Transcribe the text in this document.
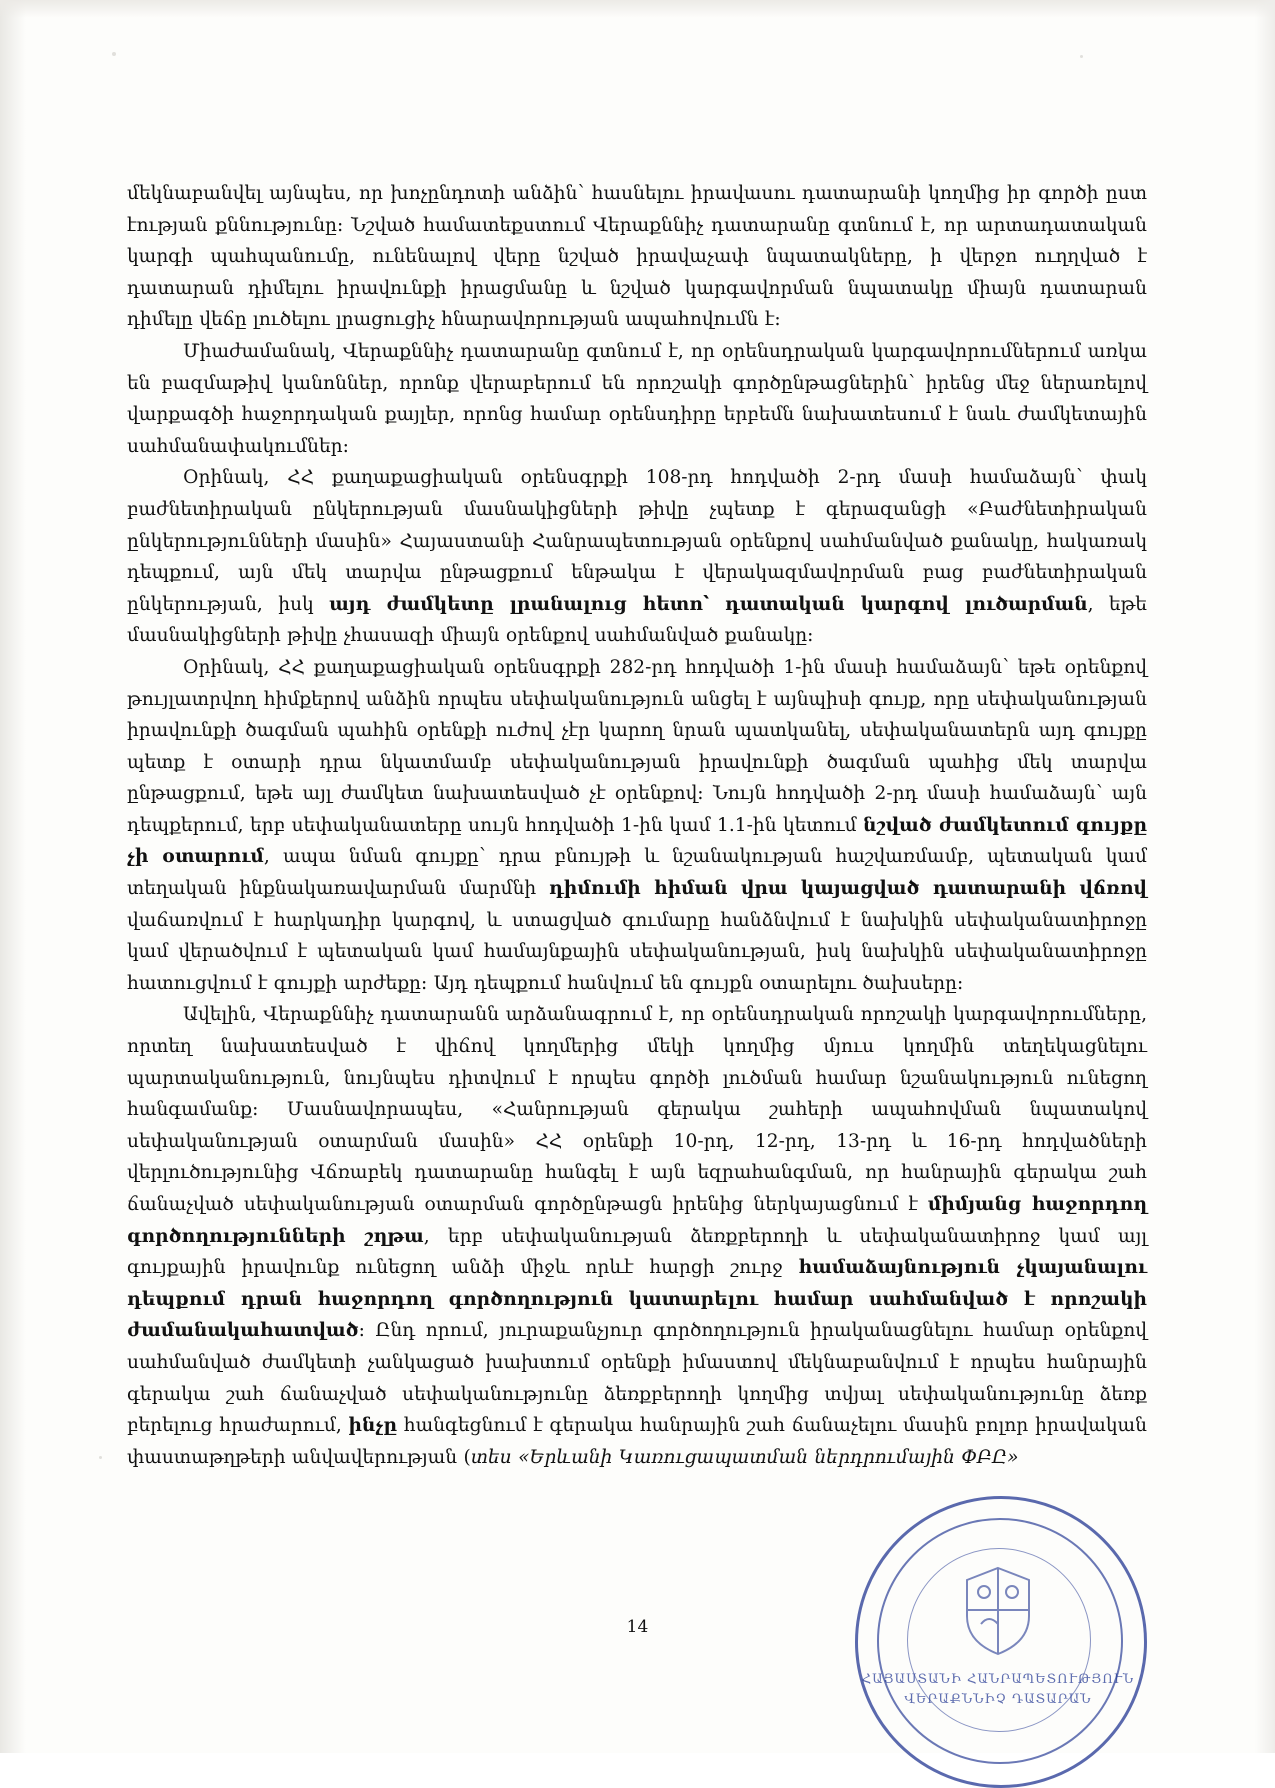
մեկնաբանվել այնպես, որ խոչընդոտի անձին՝ հասնելու իրավասու դատարանի կողմից իր գործի ըստ էության քննությունը։ Նշված համատեքստում Վերաքննիչ դատարանը գտնում է, որ արտադատական կարգի պահպանումը, ունենալով վերը նշված իրավաչափ նպատակները, ի վերջո ուղղված է դատարան դիմելու իրավունքի իրացմանը և նշված կարգավորման նպատակը միայն դատարան դիմելը վեճը լուծելու լրացուցիչ հնարավորության ապահովումն է։

Միաժամանակ, Վերաքննիչ դատարանը գտնում է, որ օրենսդրական կարգավորումներում առկա են բազմաթիվ կանոններ, որոնք վերաբերում են որոշակի գործընթացներին՝ իրենց մեջ ներառելով վարքագծի հաջորդական քայլեր, որոնց համար օրենսդիրը երբեմն նախատեսում է նաև ժամկետային սահմանափակումներ։

Օրինակ, ՀՀ քաղաքացիական օրենսգրքի 108-րդ հոդվածի 2-րդ մասի համաձայն՝ փակ բաժնետիրական ընկերության մասնակիցների թիվը չպետք է գերազանցի «Բաժնետիրական ընկերությունների մասին» Հայաստանի Հանրապետության օրենքով սահմանված քանակը, հակառակ դեպքում, այն մեկ տարվա ընթացքում ենթակա է վերակազմավորման բաց բաժնետիրական ընկերության, իսկ այդ ժամկետը լրանալուց հետո՝ դատական կարգով լուծարման, եթե մասնակիցների թիվը չհասազի միայն օրենքով սահմանված քանակը։

Օրինակ, ՀՀ քաղաքացիական օրենսգրքի 282-րդ հոդվածի 1-ին մասի համաձայն՝ եթե օրենքով թույլատրվող հիմքերով անձին որպես սեփականություն անցել է այնպիսի գույք, որը սեփականության իրավունքի ծագման պահին օրենքի ուժով չէր կարող նրան պատկանել, սեփականատերն այդ գույքը պետք է օտարի դրա նկատմամբ սեփականության իրավունքի ծագման պահից մեկ տարվա ընթացքում, եթե այլ ժամկետ նախատեսված չէ օրենքով։ Նույն հոդվածի 2-րդ մասի համաձայն՝ այն դեպքերում, երբ սեփականատերը սույն հոդվածի 1-ին կամ 1.1-ին կետում նշված ժամկետում գույքը չի օտարում, ապա նման գույքը՝ դրա բնույթի և նշանակության հաշվառմամբ, պետական կամ տեղական ինքնակառավարման մարմնի դիմումի հիման վրա կայացված դատարանի վճռով վաճառվում է հարկադիր կարգով, և ստացված գումարը հանձնվում է նախկին սեփականատիրոջը կամ վերածվում է պետական կամ համայնքային սեփականության, իսկ նախկին սեփականատիրոջը հատուցվում է գույքի արժեքը։ Այդ դեպքում հանվում են գույքն օտարելու ծախսերը։

Ավելին, Վերաքննիչ դատարանն արձանագրում է, որ օրենսդրական որոշակի կարգավորումները, որտեղ նախատեսված է վիճով կողմերից մեկի կողմից մյուս կողմին տեղեկացնելու պարտականություն, նույնպես դիտվում է որպես գործի լուծման համար նշանակություն ունեցող հանգամանք։ Մասնավորապես, «Հանրության գերակա շահերի ապահովման նպատակով սեփականության օտարման մասին» ՀՀ օրենքի 10-րդ, 12-րդ, 13-րդ և 16-րդ հոդվածների վերլուծությունից Վճռաբեկ դատարանը հանգել է այն եզրահանգման, որ հանրային գերակա շահ ճանաչված սեփականության օտարման գործընթացն իրենից ներկայացնում է միմյանց հաջորդող գործողությունների շղթա, երբ սեփականության ձեռքբերողի և սեփականատիրոջ կամ այլ գույքային իրավունք ունեցող անձի միջև որևէ հարցի շուրջ համաձայնություն չկայանալու դեպքում դրան հաջորդող գործողություն կատարելու համար սահմանված է որոշակի ժամանակահատված։ Ընդ որում, յուրաքանչյուր գործողություն իրականացնելու համար օրենքով սահմանված ժամկետի չանկացած խախտում օրենքի իմաստով մեկնաբանվում է որպես հանրային գերակա շահ ճանաչված սեփականությունը ձեռքբերողի կողմից տվյալ սեփականությունը ձեռք բերելուց հրաժարում, ինչը հանգեցնում է գերակա հանրային շահ ճանաչելու մասին բոլոր իրավական փաստաթղթերի անվավերության (տես «Երևանի Կառուցապատման ներդրումային ՓԲԸ»

14
ՀԱՅԱՍՏԱՆԻ ՀԱՆՐԱՊԵՏՈՒԹՅՈՒՆ
ՎԵՐԱՔՆՆԻՉ ԴԱՏԱՐԱՆ
